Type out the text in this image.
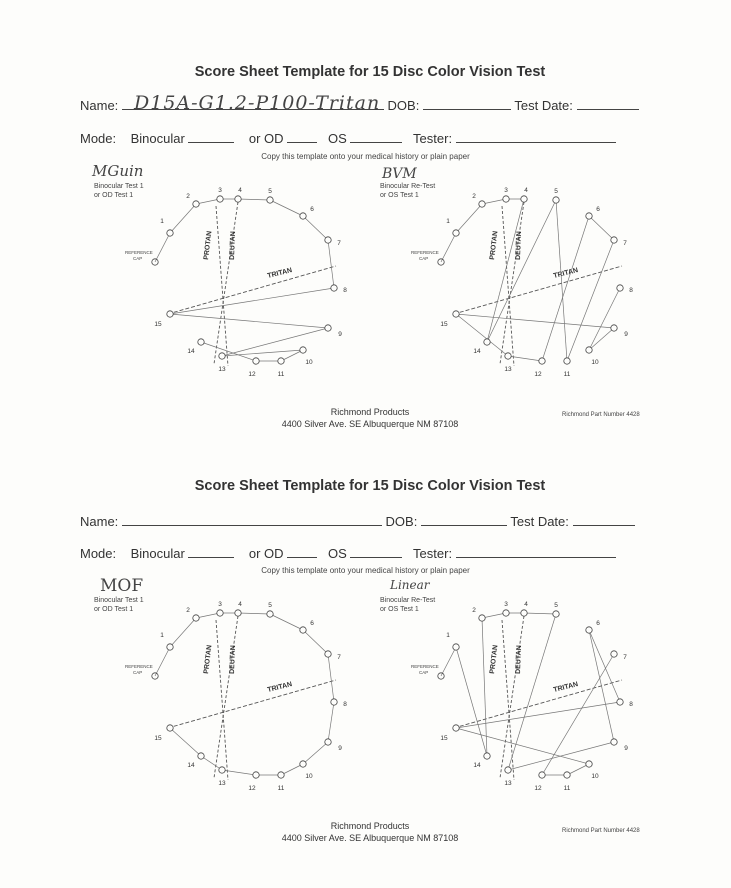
Score Sheet Template for 15 Disc Color Vision Test
Name:	DOB:	Test Date:
D15A-G1.2-P100-Tritan
Mode: Binocular	or OD	OS	Tester:
Copy this template onto your medical history or plain paper
MGuin
Binocular Test 1
or OD Test 1
PROTAN DEUTAN
TRITAN
REFERENCE
CAP
1
2
3	4	5
6
7
8
9
10
11
12
13
14
15
BVM
Binocular Re-Test
or OS Test 1
PROTAN DEUTAN
TRITAN
REFERENCE
CAP
1
2
3	4	5
6
7
8
9
10
11
12
13
14
15
Richmond Products
4400 Silver Ave. SE Albuquerque NM 87108
Richmond Part Number 4428
Score Sheet Template for 15 Disc Color Vision Test
Name:	DOB:	Test Date:
Mode: Binocular	or OD	OS	Tester:
Copy this template onto your medical history or plain paper
MOF
Binocular Test 1
or OD Test 1
PROTAN DEUTAN
TRITAN
REFERENCE
CAP
1
2
3	4	5
6
7
8
9
10
11
12
13
14
15
Linear
Binocular Re-Test
or OS Test 1
PROTAN DEUTAN
TRITAN
REFERENCE
CAP
1
2
3	4	5
6
7
8
9
10
11
12
13
14
15
Richmond Products
4400 Silver Ave. SE Albuquerque NM 87108
Richmond Part Number 4428
